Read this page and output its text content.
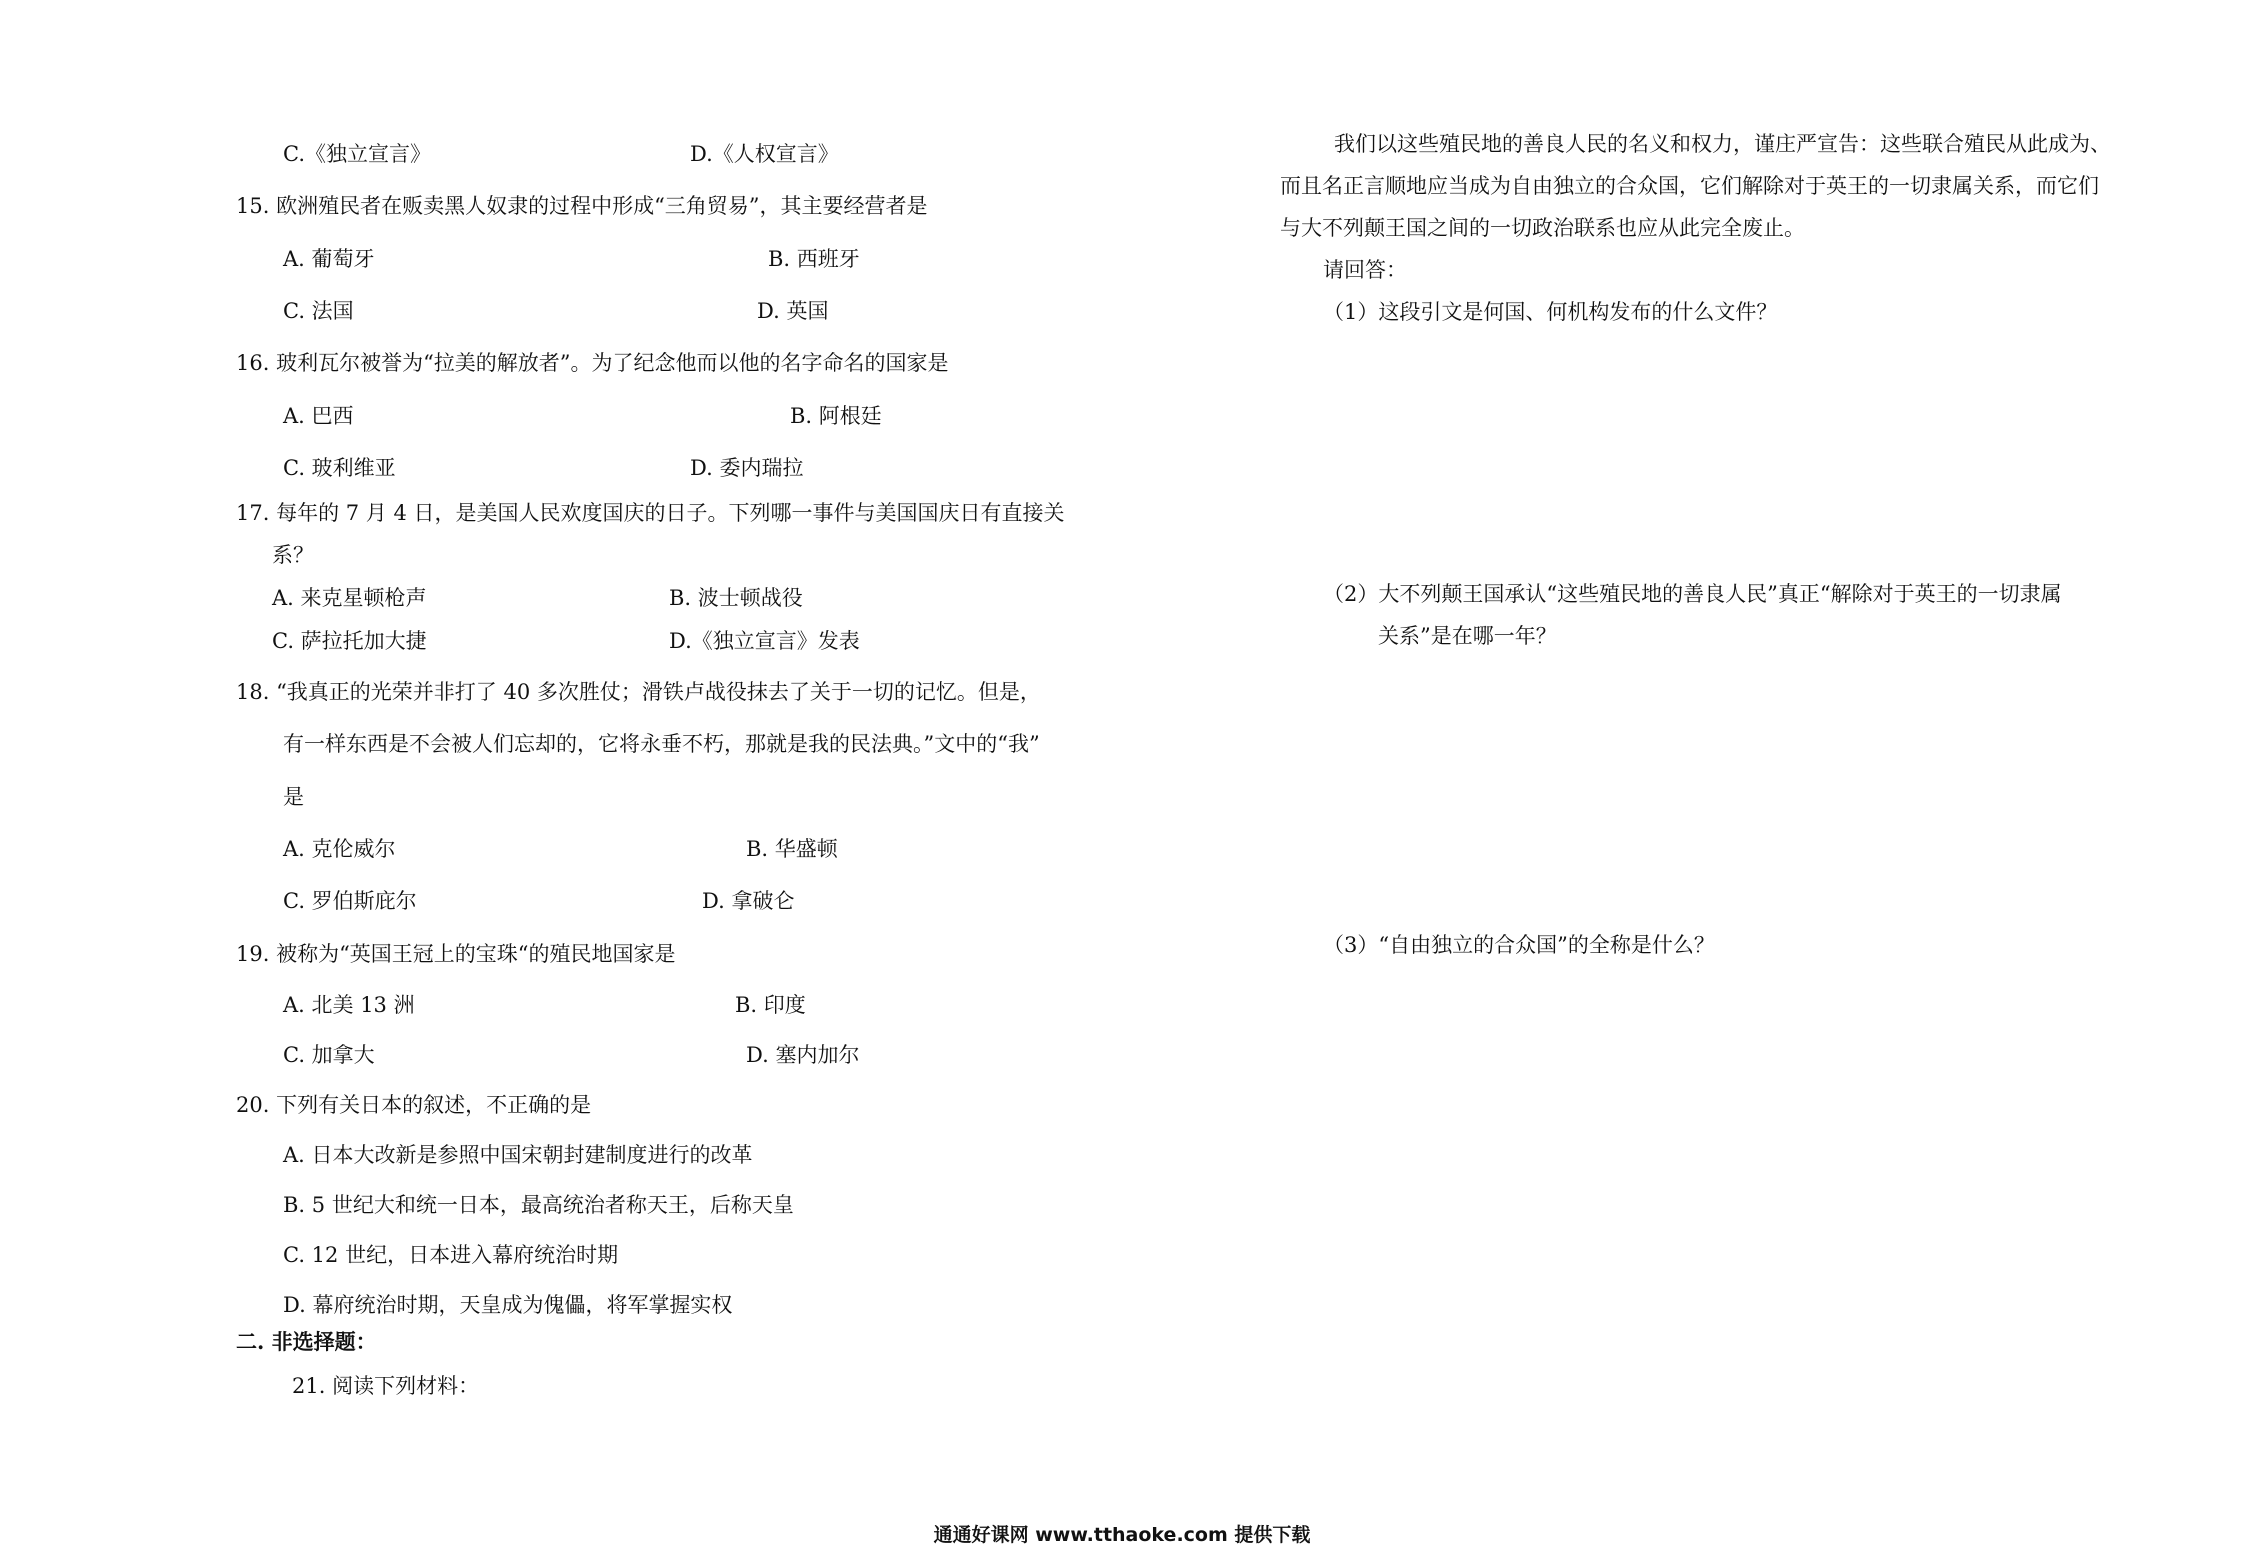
C.《独立宣言》	D.《人权宣言》
15. 欧洲殖民者在贩卖黑人奴隶的过程中形成“三角贸易”，其主要经营者是
A. 葡萄牙	B. 西班牙
C. 法国	D. 英国
16. 玻利瓦尔被誉为“拉美的解放者”。为了纪念他而以他的名字命名的国家是
A. 巴西	B. 阿根廷
C. 玻利维亚	D. 委内瑞拉
17. 每年的 7 月 4 日，是美国人民欢度国庆的日子。下列哪一事件与美国国庆日有直接关
系？
A. 来克星顿枪声	B. 波士顿战役
C. 萨拉托加大捷	D.《独立宣言》发表
18. “我真正的光荣并非打了 40 多次胜仗；滑铁卢战役抹去了关于一切的记忆。但是，
有一样东西是不会被人们忘却的，它将永垂不朽，那就是我的民法典。”文中的“我”
是
A. 克伦威尔	B. 华盛顿
C. 罗伯斯庇尔	D. 拿破仑
19. 被称为“英国王冠上的宝珠“的殖民地国家是
A. 北美 13 洲	B. 印度
C. 加拿大	D. 塞内加尔
20. 下列有关日本的叙述，不正确的是
A. 日本大改新是参照中国宋朝封建制度进行的改革
B. 5 世纪大和统一日本，最高统治者称天王，后称天皇
C. 12 世纪，日本进入幕府统治时期
D. 幕府统治时期，天皇成为傀儡，将军掌握实权
二. 非选择题：
21. 阅读下列材料：
我们以这些殖民地的善良人民的名义和权力，谨庄严宣告：这些联合殖民从此成为、
而且名正言顺地应当成为自由独立的合众国，它们解除对于英王的一切隶属关系，而它们
与大不列颠王国之间的一切政治联系也应从此完全废止。
请回答：
（1）这段引文是何国、何机构发布的什么文件？
（2）大不列颠王国承认“这些殖民地的善良人民”真正“解除对于英王的一切隶属
关系”是在哪一年？
（3）“自由独立的合众国”的全称是什么？
通通好课网 www.tthaoke.com 提供下载
